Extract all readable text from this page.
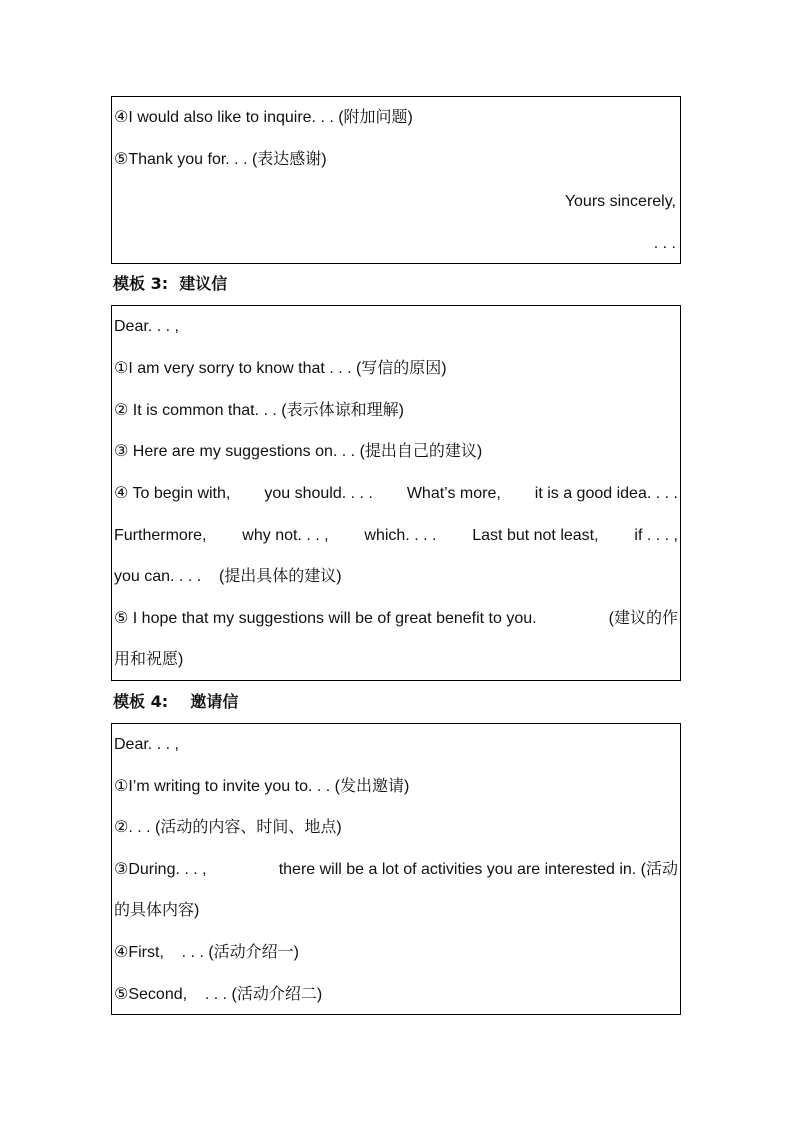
④I would also like to inquire. . . (附加问题)
⑤Thank you for. . . (表达感谢)
Yours sincerely,
. . .
模板 3:  建议信
Dear. . . ,
①I am very sorry to know that . . . (写信的原因)
② It is common that. . . (表示体谅和理解)
③ Here are my suggestions on. . . (提出自己的建议)
④ To begin with, you should. . . . What’s more, it is a good idea. . . .
Furthermore, why not. . . , which. . . . Last but not least, if . . . ,
you can. . . .    (提出具体的建议)
⑤ I hope that my suggestions will be of great benefit to you.	(建议的作
用和祝愿)
模板 4:    邀请信
Dear. . . ,
①I’m writing to invite you to. . . (发出邀请)
②. . . (活动的内容、时间、地点)
③During. . . ,	there will be a lot of activities you are interested in. (活动
的具体内容)
④First,    . . . (活动介绍一)
⑤Second,    . . . (活动介绍二)
